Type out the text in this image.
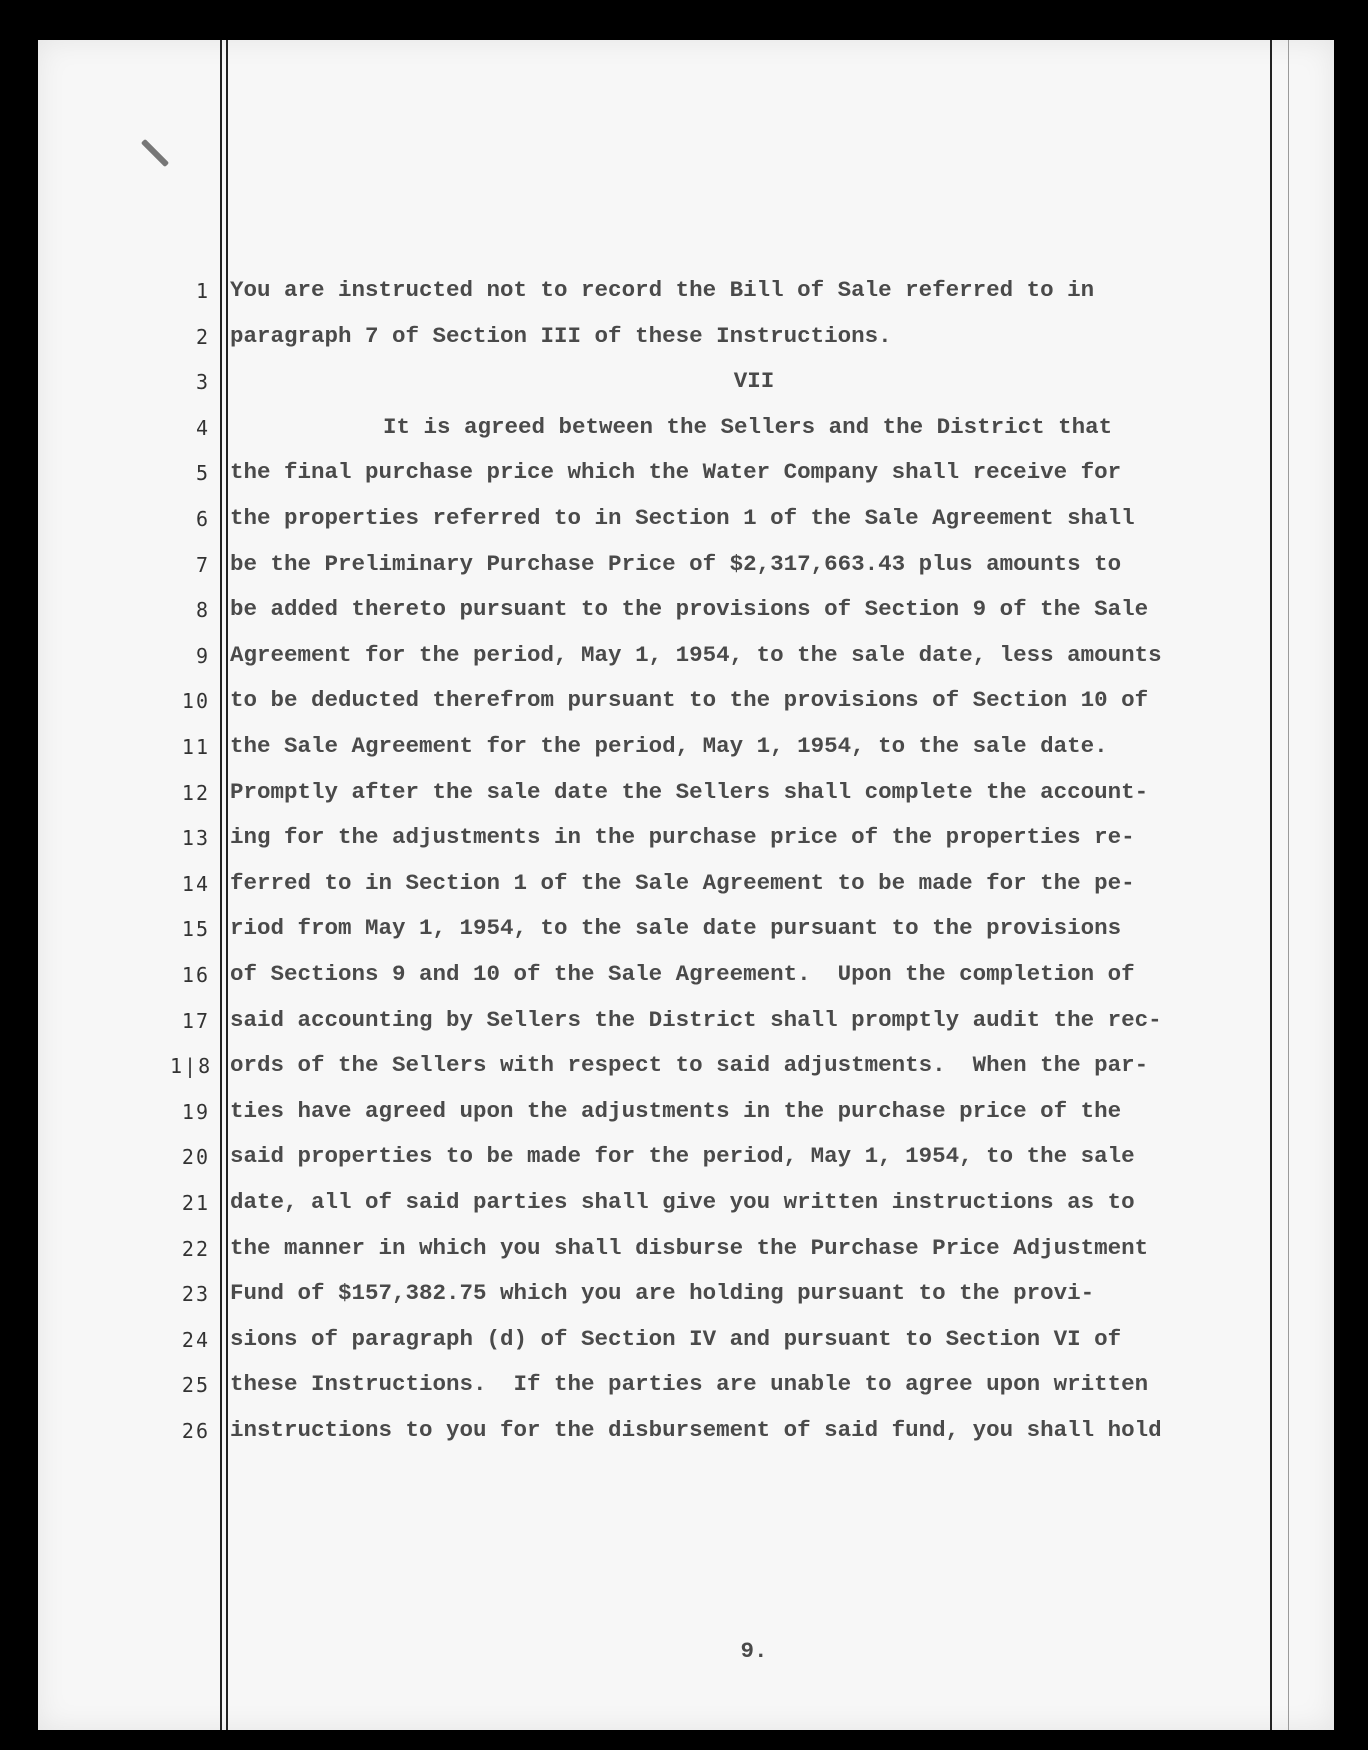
1
2
3
4
5
6
7
8
9
10
11
12
13
14
15
16
17
1|8
19
20
21
22
23
24
25
26
You are instructed not to record the Bill of Sale referred to in
paragraph 7 of Section III of these Instructions.
VII
It is agreed between the Sellers and the District that
the final purchase price which the Water Company shall receive for
the properties referred to in Section 1 of the Sale Agreement shall
be the Preliminary Purchase Price of $2,317,663.43 plus amounts to
be added thereto pursuant to the provisions of Section 9 of the Sale
Agreement for the period, May 1, 1954, to the sale date, less amounts
to be deducted therefrom pursuant to the provisions of Section 10 of
the Sale Agreement for the period, May 1, 1954, to the sale date.
Promptly after the sale date the Sellers shall complete the account-
ing for the adjustments in the purchase price of the properties re-
ferred to in Section 1 of the Sale Agreement to be made for the pe-
riod from May 1, 1954, to the sale date pursuant to the provisions
of Sections 9 and 10 of the Sale Agreement.  Upon the completion of
said accounting by Sellers the District shall promptly audit the rec-
ords of the Sellers with respect to said adjustments.  When the par-
ties have agreed upon the adjustments in the purchase price of the
said properties to be made for the period, May 1, 1954, to the sale
date, all of said parties shall give you written instructions as to
the manner in which you shall disburse the Purchase Price Adjustment
Fund of $157,382.75 which you are holding pursuant to the provi-
sions of paragraph (d) of Section IV and pursuant to Section VI of
these Instructions.  If the parties are unable to agree upon written
instructions to you for the disbursement of said fund, you shall hold
9.
